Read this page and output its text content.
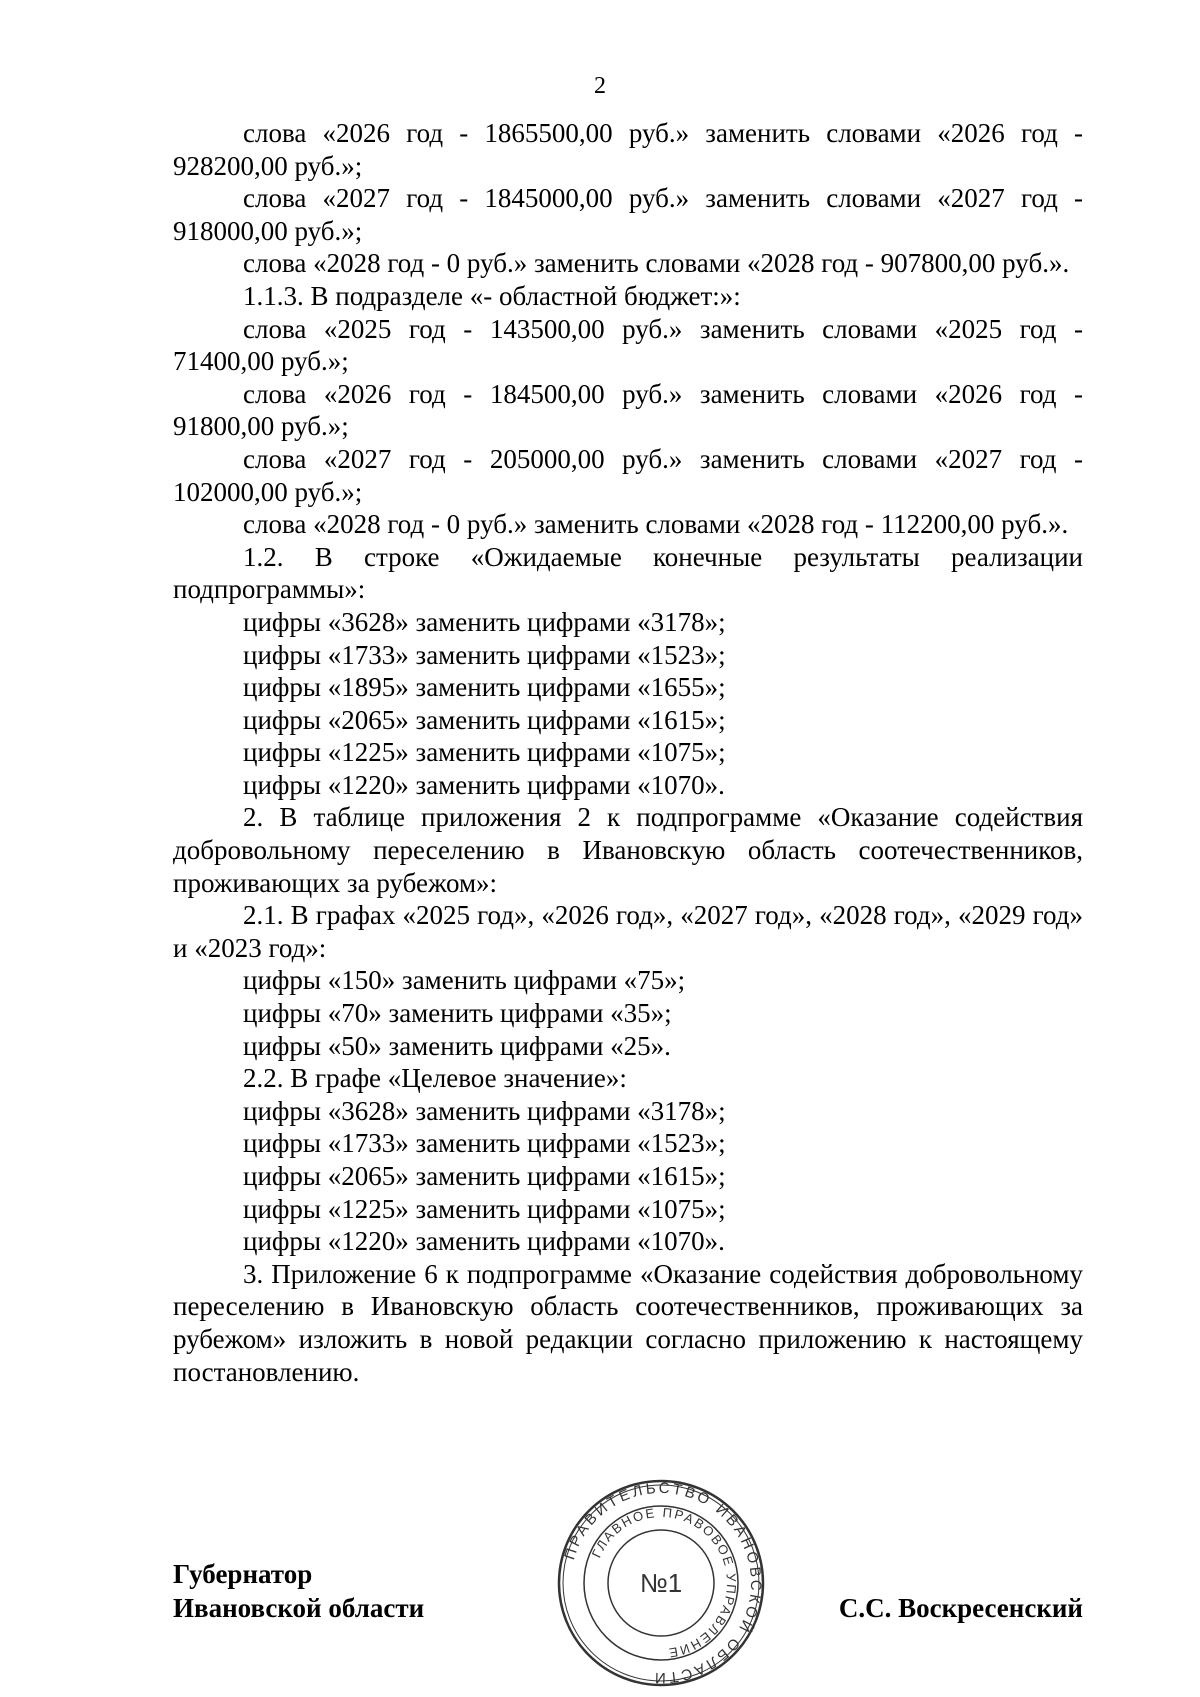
2

слова «2026 год - 1865500,00 руб.» заменить словами «2026 год - 928200,00 руб.»;

слова «2027 год - 1845000,00 руб.» заменить словами «2027 год - 918000,00 руб.»;

слова «2028 год - 0 руб.» заменить словами «2028 год - 907800,00 руб.».

1.1.3. В подразделе «- областной бюджет:»:

слова «2025 год - 143500,00 руб.» заменить словами «2025 год - 71400,00 руб.»;

слова «2026 год - 184500,00 руб.» заменить словами «2026 год - 91800,00 руб.»;

слова «2027 год - 205000,00 руб.» заменить словами «2027 год - 102000,00 руб.»;

слова «2028 год - 0 руб.» заменить словами «2028 год - 112200,00 руб.».

1.2. В строке «Ожидаемые конечные результаты реализации подпрограммы»:

цифры «3628» заменить цифрами «3178»;

цифры «1733» заменить цифрами «1523»;

цифры «1895» заменить цифрами «1655»;

цифры «2065» заменить цифрами «1615»;

цифры «1225» заменить цифрами «1075»;

цифры «1220» заменить цифрами «1070».

2. В таблице приложения 2 к подпрограмме «Оказание содействия добровольному переселению в Ивановскую область соотечественников, проживающих за рубежом»:

2.1. В графах «2025 год», «2026 год», «2027 год», «2028 год», «2029 год» и «2023 год»:

цифры «150» заменить цифрами «75»;

цифры «70» заменить цифрами «35»;

цифры «50» заменить цифрами «25».

2.2. В графе «Целевое значение»:

цифры «3628» заменить цифрами «3178»;

цифры «1733» заменить цифрами «1523»;

цифры «2065» заменить цифрами «1615»;

цифры «1225» заменить цифрами «1075»;

цифры «1220» заменить цифрами «1070».

3. Приложение 6 к подпрограмме «Оказание содействия добровольному переселению в Ивановскую область соотечественников, проживающих за рубежом» изложить в новой редакции согласно приложению к настоящему постановлению.

Губернатор
Ивановской области
ПРАВИТЕЛЬСТВО ИВАНОВСКОЙ ОБЛАСТИ
ГЛАВНОЕ ПРАВОВОЕ УПРАВЛЕНИЕ
№1
С.С. Воскресенский
